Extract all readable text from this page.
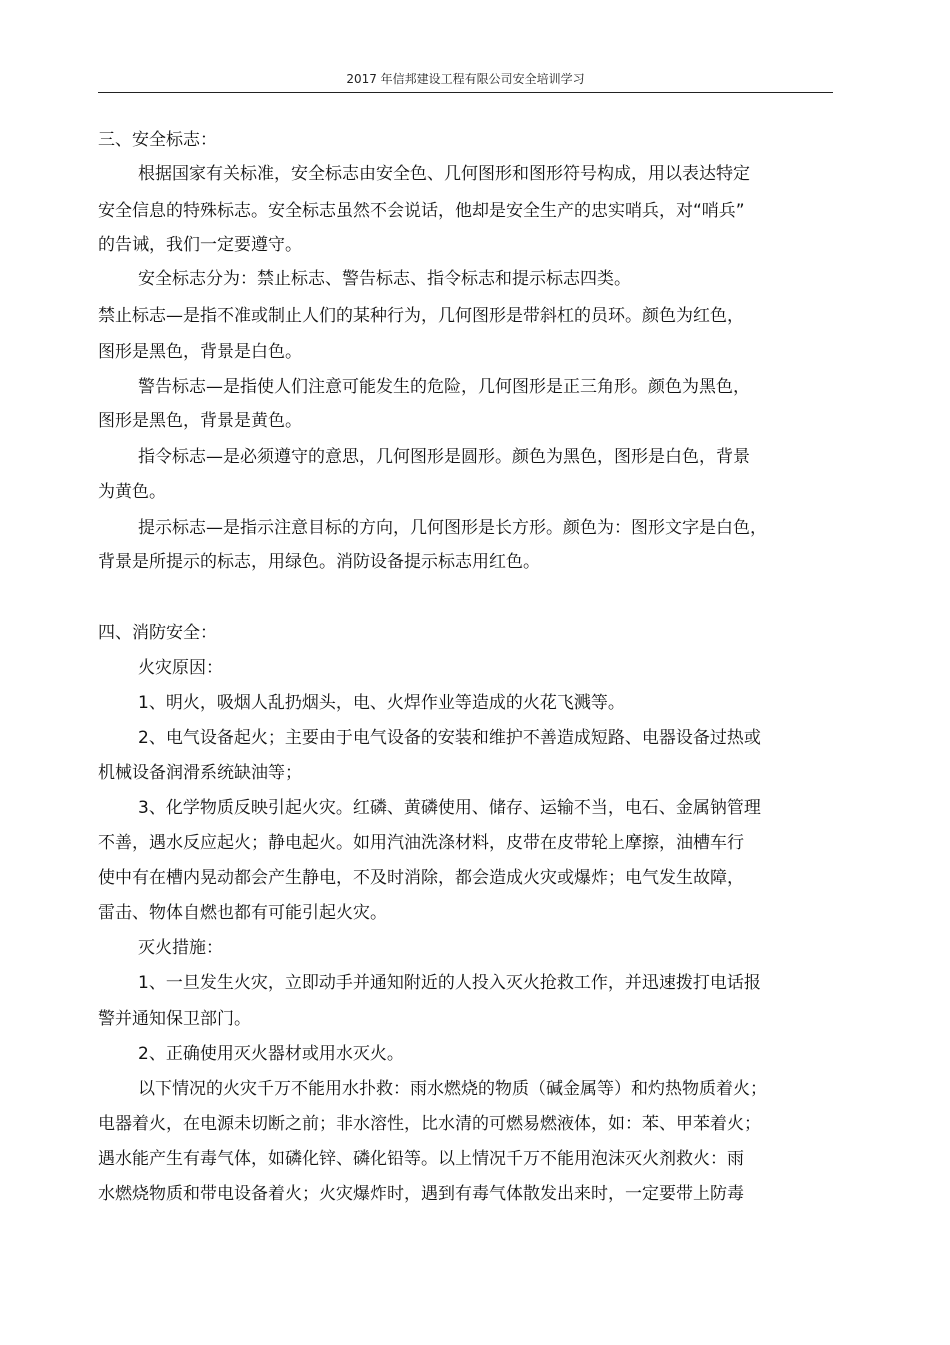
2017 年信邦建设工程有限公司安全培训学习
三、安全标志：
根据国家有关标准，安全标志由安全色、几何图形和图形符号构成，用以表达特定
安全信息的特殊标志。安全标志虽然不会说话，他却是安全生产的忠实哨兵，对“哨兵”
的告诫，我们一定要遵守。
安全标志分为：禁止标志、警告标志、指令标志和提示标志四类。
禁止标志—是指不准或制止人们的某种行为，几何图形是带斜杠的员环。颜色为红色，
图形是黑色，背景是白色。
警告标志—是指使人们注意可能发生的危险，几何图形是正三角形。颜色为黑色，
图形是黑色，背景是黄色。
指令标志—是必须遵守的意思，几何图形是圆形。颜色为黑色，图形是白色，背景
为黄色。
提示标志—是指示注意目标的方向，几何图形是长方形。颜色为：图形文字是白色，
背景是所提示的标志，用绿色。消防设备提示标志用红色。
四、消防安全：
火灾原因：
1、明火，吸烟人乱扔烟头，电、火焊作业等造成的火花飞溅等。
2、电气设备起火；主要由于电气设备的安装和维护不善造成短路、电器设备过热或
机械设备润滑系统缺油等；
3、化学物质反映引起火灾。红磷、黄磷使用、储存、运输不当，电石、金属钠管理
不善，遇水反应起火；静电起火。如用汽油洗涤材料，皮带在皮带轮上摩擦，油槽车行
使中有在槽内晃动都会产生静电，不及时消除，都会造成火灾或爆炸；电气发生故障，
雷击、物体自燃也都有可能引起火灾。
灭火措施：
1、一旦发生火灾，立即动手并通知附近的人投入灭火抢救工作，并迅速拨打电话报
警并通知保卫部门。
2、正确使用灭火器材或用水灭火。
以下情况的火灾千万不能用水扑救：雨水燃烧的物质（碱金属等）和灼热物质着火；
电器着火，在电源未切断之前；非水溶性，比水清的可燃易燃液体，如：苯、甲苯着火；
遇水能产生有毒气体，如磷化锌、磷化铅等。以上情况千万不能用泡沫灭火剂救火：雨
水燃烧物质和带电设备着火；火灾爆炸时，遇到有毒气体散发出来时，一定要带上防毒
